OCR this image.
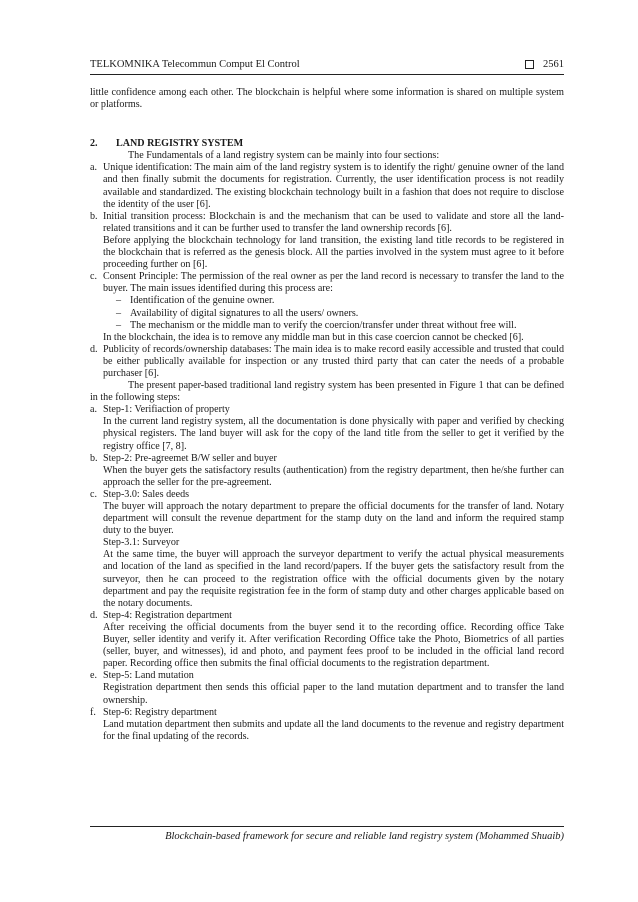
TELKOMNIKA Telecommun Comput El Control	2561

little confidence among each other. The blockchain is helpful where some information is shared on multiple system or platforms.

2. LAND REGISTRY SYSTEM

The Fundamentals of a land registry system can be mainly into four sections:

a. Unique identification: The main aim of the land registry system is to identify the right/ genuine owner of the land and then finally submit the documents for registration. Currently, the user identification process is not readily available and standardized. The existing blockchain technology built in a fashion that does not require to disclose the identity of the user [6].

b. Initial transition process: Blockchain is and the mechanism that can be used to validate and store all the land-related transitions and it can be further used to transfer the land ownership records [6].

Before applying the blockchain technology for land transition, the existing land title records to be registered in the blockchain that is referred as the genesis block. All the parties involved in the system must agree to it before proceeding further on [6].

c. Consent Principle: The permission of the real owner as per the land record is necessary to transfer the land to the buyer. The main issues identified during this process are:

– Identification of the genuine owner.

– Availability of digital signatures to all the users/ owners.

– The mechanism or the middle man to verify the coercion/transfer under threat without free will.

In the blockchain, the idea is to remove any middle man but in this case coercion cannot be checked [6].

d. Publicity of records/ownership databases: The main idea is to make record easily accessible and trusted that could be either publically available for inspection or any trusted third party that can cater the needs of a probable purchaser [6].

The present paper-based traditional land registry system has been presented in Figure 1 that can be defined in the following steps:

a. Step-1: Verifiaction of property

In the current land registry system, all the documentation is done physically with paper and verified by checking physical registers. The land buyer will ask for the copy of the land title from the seller to get it verified by the registry office [7, 8].

b. Step-2: Pre-agreemet B/W seller and buyer

When the buyer gets the satisfactory results (authentication) from the registry department, then he/she further can approach the seller for the pre-agreement.

c. Step-3.0: Sales deeds

The buyer will approach the notary department to prepare the official documents for the transfer of land. Notary department will consult the revenue department for the stamp duty on the land and inform the required stamp duty to the buyer.

Step-3.1: Surveyor

At the same time, the buyer will approach the surveyor department to verify the actual physical measurements and location of the land as specified in the land record/papers. If the buyer gets the satisfactory result from the surveyor, then he can proceed to the registration office with the official documents given by the notary department and pay the requisite registration fee in the form of stamp duty and other charges applicable based on the notary documents.

d. Step-4: Registration department

After receiving the official documents from the buyer send it to the recording office. Recording office Take Buyer, seller identity and verify it. After verification Recording Office take the Photo, Biometrics of all parties (seller, buyer, and witnesses), id and photo, and payment fees proof to be included in the official land record paper. Recording office then submits the final official documents to the registration department.

e. Step-5: Land mutation

Registration department then sends this official paper to the land mutation department and to transfer the land ownership.

f. Step-6: Registry department

Land mutation department then submits and update all the land documents to the revenue and registry department for the final updating of the records.

Blockchain-based framework for secure and reliable land registry system (Mohammed Shuaib)
